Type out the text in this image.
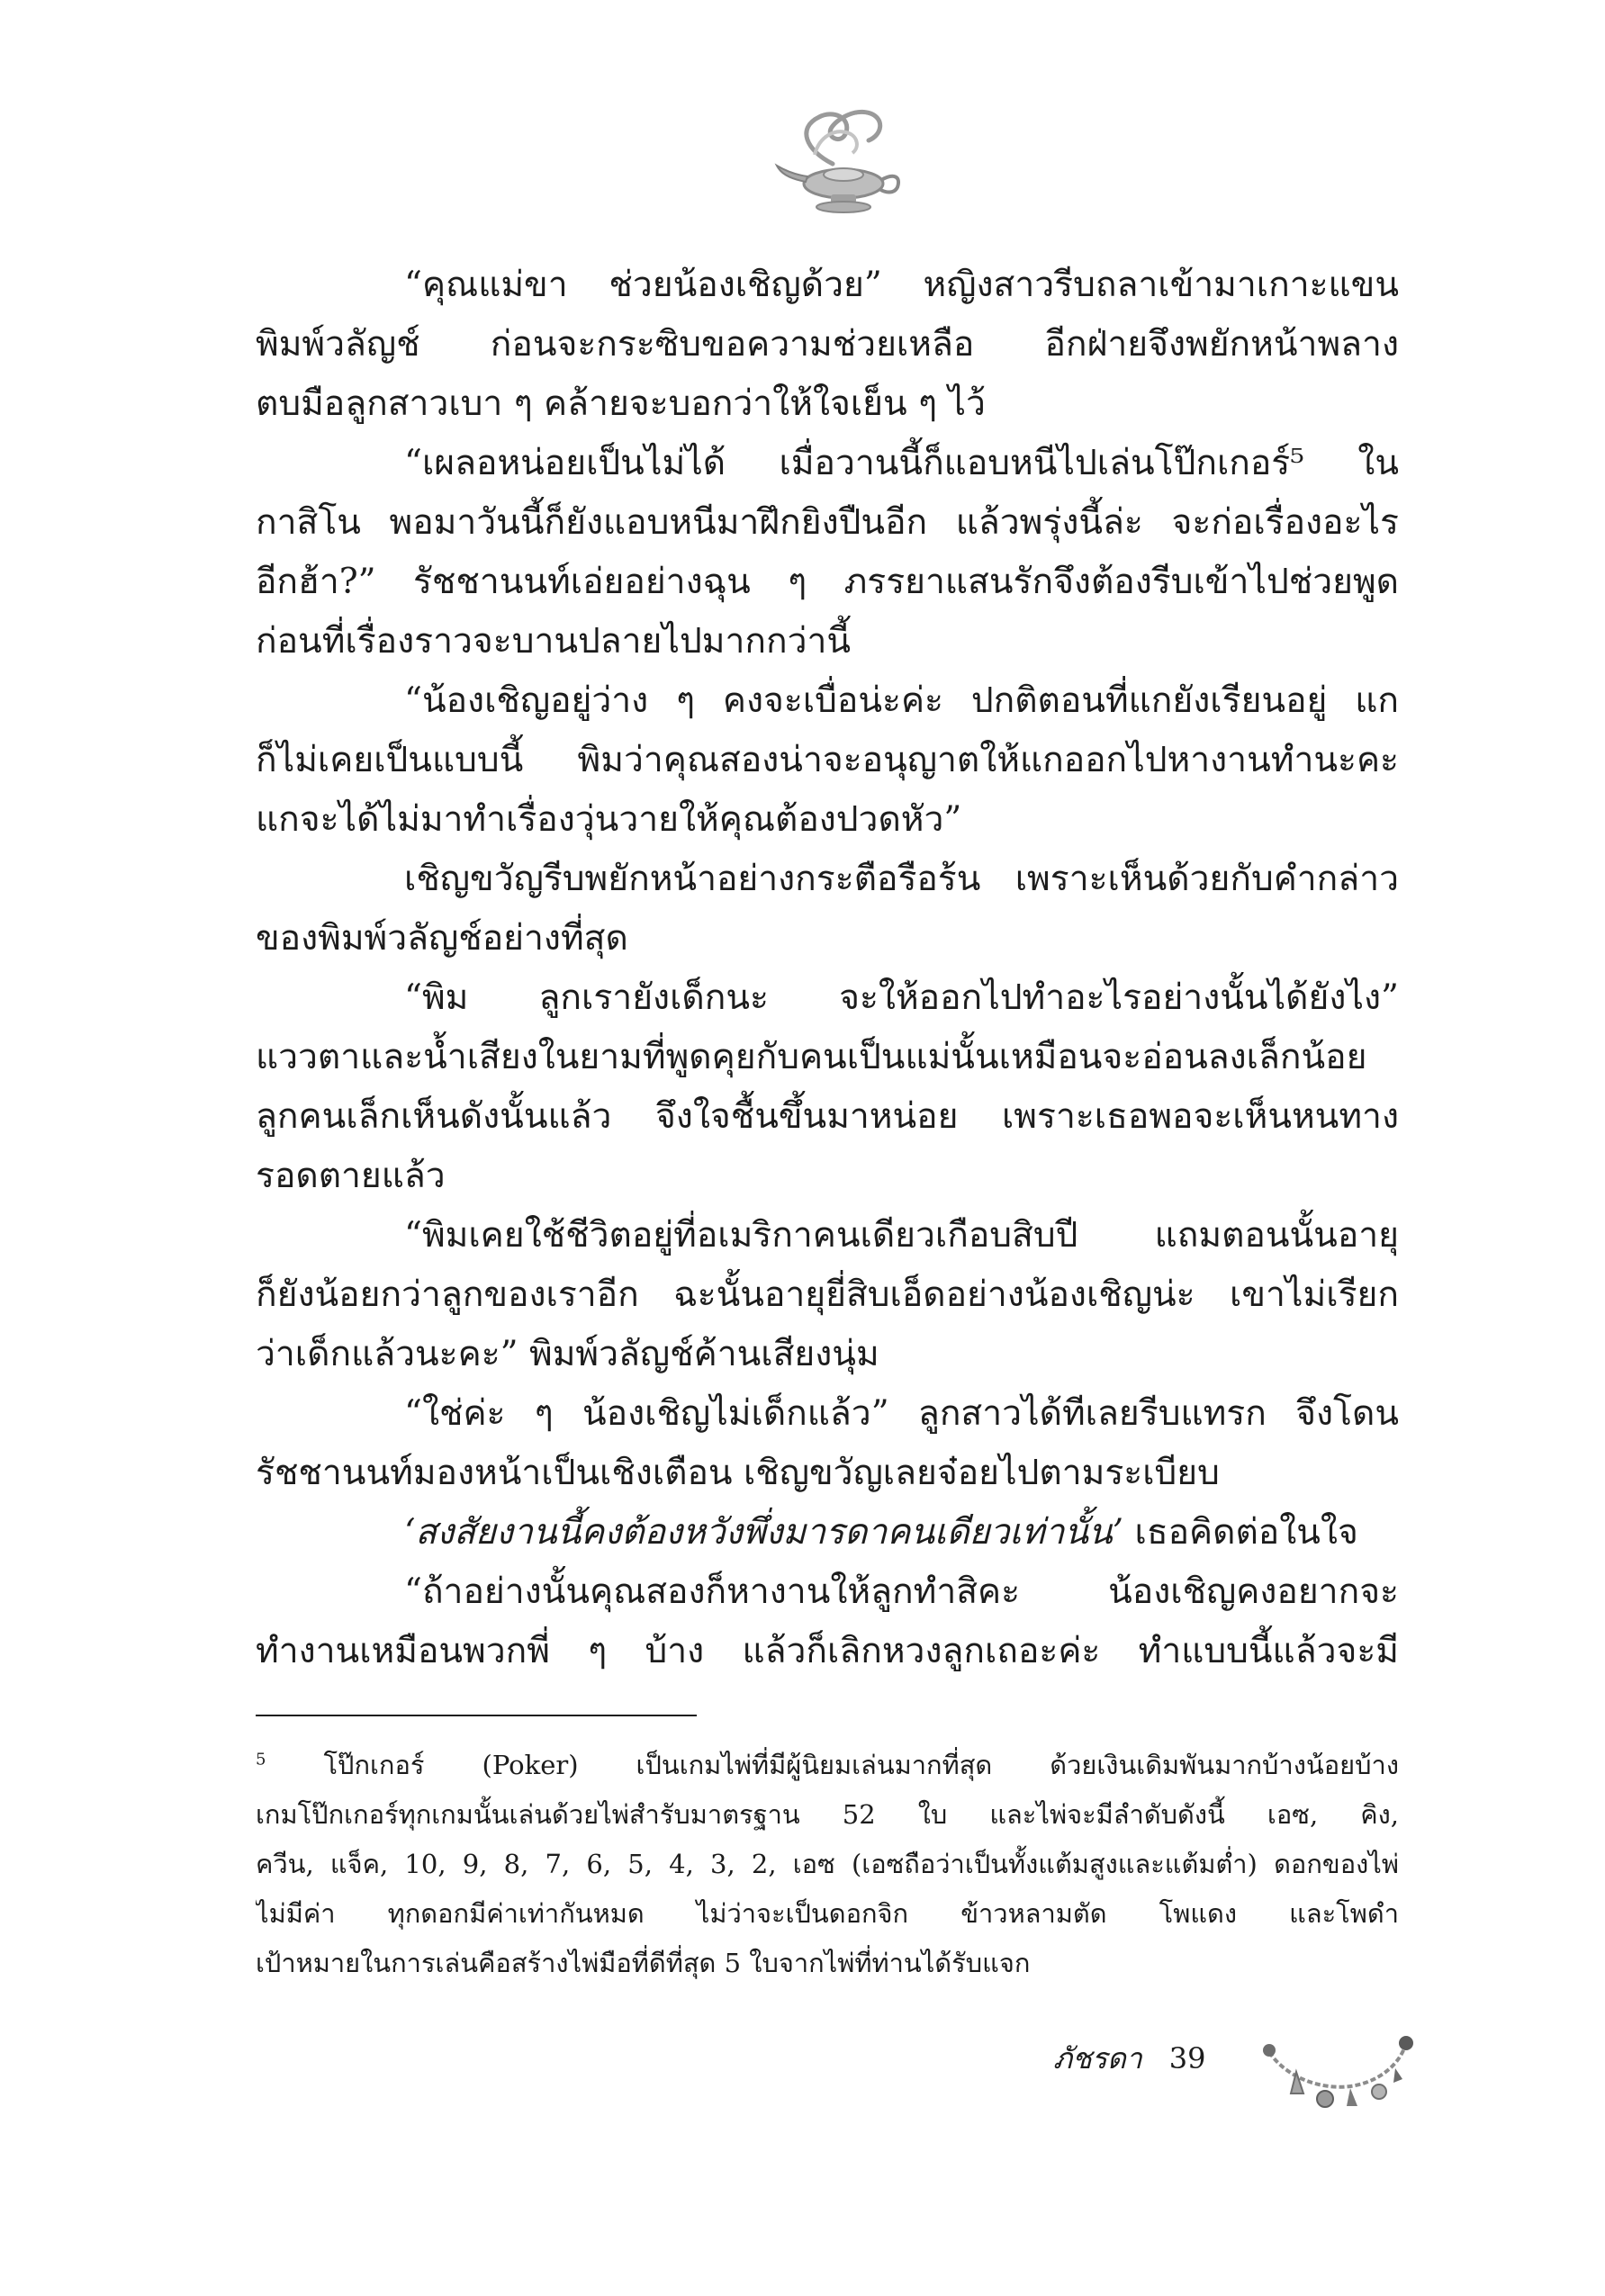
“คุณแม่ขา ช่วยน้องเชิญด้วย” หญิงสาวรีบถลาเข้ามาเกาะแขน
พิมพ์วลัญช์ ก่อนจะกระซิบขอความช่วยเหลือ อีกฝ่ายจึงพยักหน้าพลาง
ตบมือลูกสาวเบา ๆ คล้ายจะบอกว่าให้ใจเย็น ๆ ไว้
“เผลอหน่อยเป็นไม่ได้ เมื่อวานนี้ก็แอบหนีไปเล่นโป๊กเกอร์⁵ ใน
กาสิโน พอมาวันนี้ก็ยังแอบหนีมาฝึกยิงปืนอีก แล้วพรุ่งนี้ล่ะ จะก่อเรื่องอะไร
อีกฮ้า?” รัชชานนท์เอ่ยอย่างฉุน ๆ ภรรยาแสนรักจึงต้องรีบเข้าไปช่วยพูด
ก่อนที่เรื่องราวจะบานปลายไปมากกว่านี้
“น้องเชิญอยู่ว่าง ๆ คงจะเบื่อน่ะค่ะ ปกติตอนที่แกยังเรียนอยู่ แก
ก็ไม่เคยเป็นแบบนี้ พิมว่าคุณสองน่าจะอนุญาตให้แกออกไปหางานทำนะคะ
แกจะได้ไม่มาทำเรื่องวุ่นวายให้คุณต้องปวดหัว”
เชิญขวัญรีบพยักหน้าอย่างกระตือรือร้น เพราะเห็นด้วยกับคำกล่าว
ของพิมพ์วลัญช์อย่างที่สุด
“พิม ลูกเรายังเด็กนะ จะให้ออกไปทำอะไรอย่างนั้นได้ยังไง”
แววตาและน้ำเสียงในยามที่พูดคุยกับคนเป็นแม่นั้นเหมือนจะอ่อนลงเล็กน้อย
ลูกคนเล็กเห็นดังนั้นแล้ว จึงใจชื้นขึ้นมาหน่อย เพราะเธอพอจะเห็นหนทาง
รอดตายแล้ว
“พิมเคยใช้ชีวิตอยู่ที่อเมริกาคนเดียวเกือบสิบปี แถมตอนนั้นอายุ
ก็ยังน้อยกว่าลูกของเราอีก ฉะนั้นอายุยี่สิบเอ็ดอย่างน้องเชิญน่ะ เขาไม่เรียก
ว่าเด็กแล้วนะคะ” พิมพ์วลัญช์ค้านเสียงนุ่ม
“ใช่ค่ะ ๆ น้องเชิญไม่เด็กแล้ว” ลูกสาวได้ทีเลยรีบแทรก จึงโดน
รัชชานนท์มองหน้าเป็นเชิงเตือน เชิญขวัญเลยจ๋อยไปตามระเบียบ
‘สงสัยงานนี้คงต้องหวังพึ่งมารดาคนเดียวเท่านั้น’ เธอคิดต่อในใจ
“ถ้าอย่างนั้นคุณสองก็หางานให้ลูกทำสิคะ น้องเชิญคงอยากจะ
ทำงานเหมือนพวกพี่ ๆ บ้าง แล้วก็เลิกหวงลูกเถอะค่ะ ทำแบบนี้แล้วจะมี
$^5$ โป๊กเกอร์ (Poker) เป็นเกมไพ่ที่มีผู้นิยมเล่นมากที่สุด ด้วยเงินเดิมพันมากบ้างน้อยบ้าง
เกมโป๊กเกอร์ทุกเกมนั้นเล่นด้วยไพ่สำรับมาตรฐาน 52 ใบ และไพ่จะมีลำดับดังนี้ เอซ, คิง,
ควีน, แจ็ค, 10, 9, 8, 7, 6, 5, 4, 3, 2, เอซ (เอซถือว่าเป็นทั้งแต้มสูงและแต้มต่ำ) ดอกของไพ่
ไม่มีค่า ทุกดอกมีค่าเท่ากันหมด ไม่ว่าจะเป็นดอกจิก ข้าวหลามตัด โพแดง และโพดำ
เป้าหมายในการเล่นคือสร้างไพ่มือที่ดีที่สุด 5 ใบจากไพ่ที่ท่านได้รับแจก
ภัชรดา 39
